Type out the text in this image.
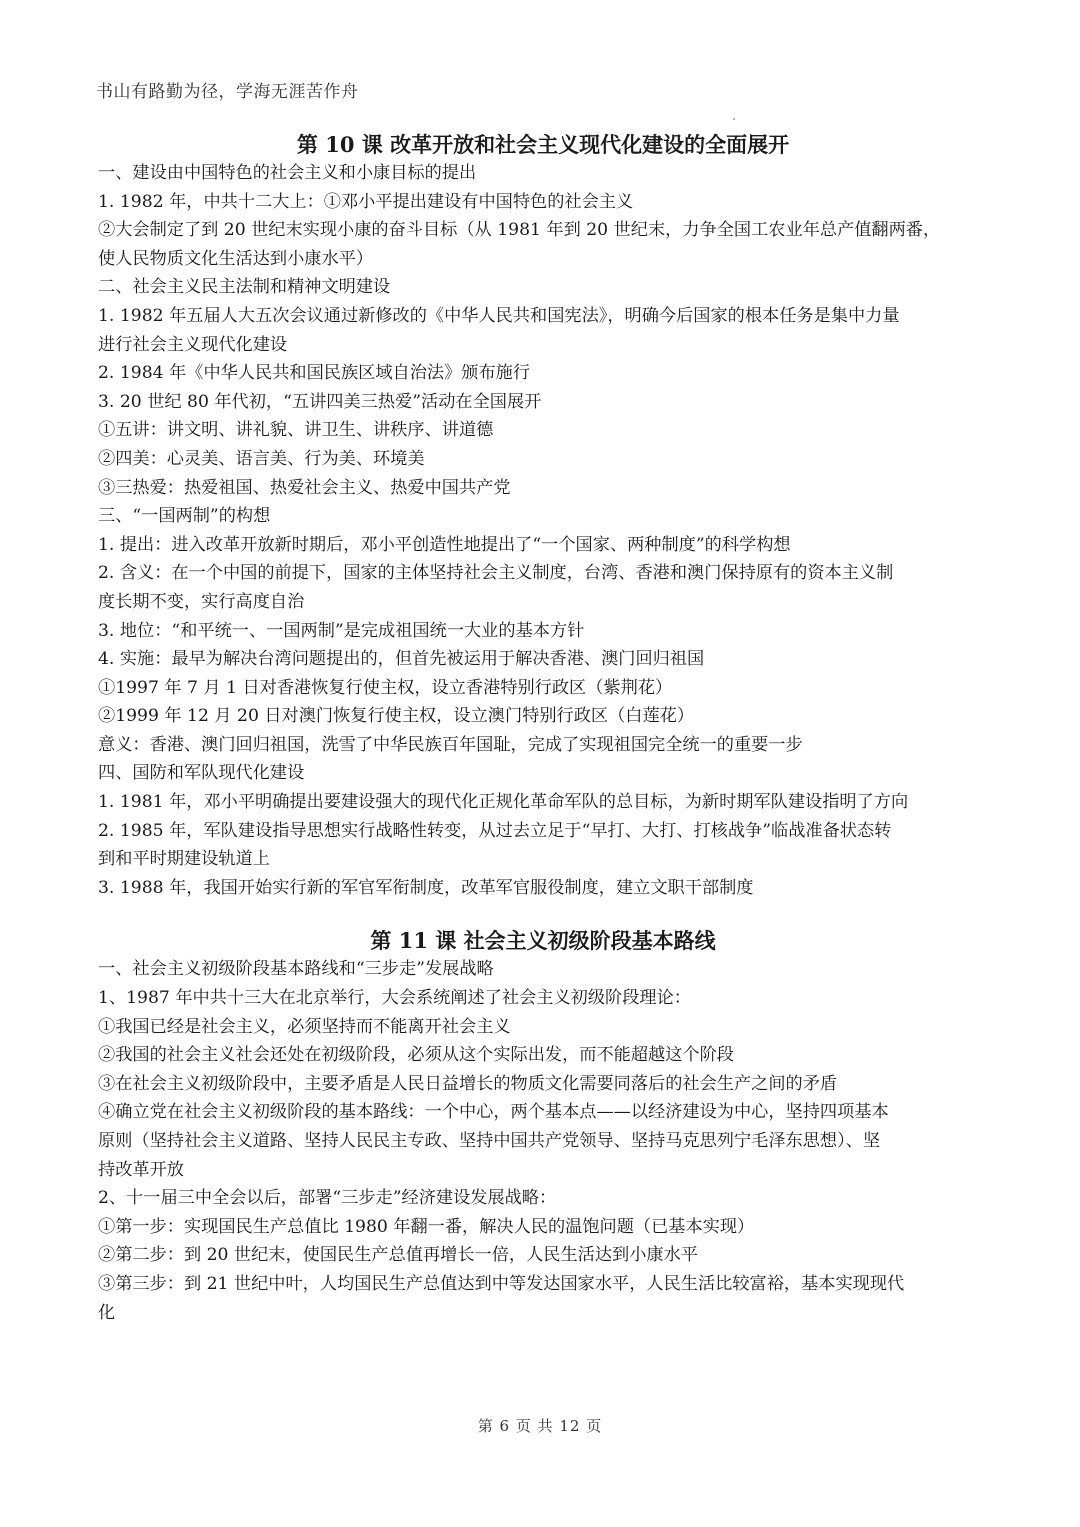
书山有路勤为径，学海无涯苦作舟
第 10 课 改革开放和社会主义现代化建设的全面展开

一、建设由中国特色的社会主义和小康目标的提出

1. 1982 年，中共十二大上：①邓小平提出建设有中国特色的社会主义

②大会制定了到 20 世纪末实现小康的奋斗目标（从 1981 年到 20 世纪末，力争全国工农业年总产值翻两番，

使人民物质文化生活达到小康水平）

二、社会主义民主法制和精神文明建设

1. 1982 年五届人大五次会议通过新修改的《中华人民共和国宪法》，明确今后国家的根本任务是集中力量

进行社会主义现代化建设

2. 1984 年《中华人民共和国民族区域自治法》颁布施行

3. 20 世纪 80 年代初，“五讲四美三热爱”活动在全国展开

①五讲：讲文明、讲礼貌、讲卫生、讲秩序、讲道德

②四美：心灵美、语言美、行为美、环境美

③三热爱：热爱祖国、热爱社会主义、热爱中国共产党

三、“一国两制”的构想

1. 提出：进入改革开放新时期后，邓小平创造性地提出了“一个国家、两种制度”的科学构想

2. 含义：在一个中国的前提下，国家的主体坚持社会主义制度，台湾、香港和澳门保持原有的资本主义制

度长期不变，实行高度自治

3. 地位：“和平统一、一国两制”是完成祖国统一大业的基本方针

4. 实施：最早为解决台湾问题提出的，但首先被运用于解决香港、澳门回归祖国

①1997 年 7 月 1 日对香港恢复行使主权，设立香港特别行政区（紫荆花）

②1999 年 12 月 20 日对澳门恢复行使主权，设立澳门特别行政区（白莲花）

意义：香港、澳门回归祖国，洗雪了中华民族百年国耻，完成了实现祖国完全统一的重要一步

四、国防和军队现代化建设

1. 1981 年，邓小平明确提出要建设强大的现代化正规化革命军队的总目标，为新时期军队建设指明了方向

2. 1985 年，军队建设指导思想实行战略性转变，从过去立足于“早打、大打、打核战争”临战准备状态转

到和平时期建设轨道上

3. 1988 年，我国开始实行新的军官军衔制度，改革军官服役制度，建立文职干部制度

第 11 课 社会主义初级阶段基本路线

一、社会主义初级阶段基本路线和“三步走”发展战略

1、1987 年中共十三大在北京举行，大会系统阐述了社会主义初级阶段理论：

①我国已经是社会主义，必须坚持而不能离开社会主义

②我国的社会主义社会还处在初级阶段，必须从这个实际出发，而不能超越这个阶段

③在社会主义初级阶段中，主要矛盾是人民日益增长的物质文化需要同落后的社会生产之间的矛盾

④确立党在社会主义初级阶段的基本路线：一个中心，两个基本点——以经济建设为中心，坚持四项基本

原则（坚持社会主义道路、坚持人民民主专政、坚持中国共产党领导、坚持马克思列宁毛泽东思想）、坚

持改革开放

2、十一届三中全会以后，部署“三步走”经济建设发展战略：

①第一步：实现国民生产总值比 1980 年翻一番，解决人民的温饱问题（已基本实现）

②第二步：到 20 世纪末，使国民生产总值再增长一倍，人民生活达到小康水平

③第三步：到 21 世纪中叶，人均国民生产总值达到中等发达国家水平，人民生活比较富裕，基本实现现代

化

第 6 页 共 12 页
